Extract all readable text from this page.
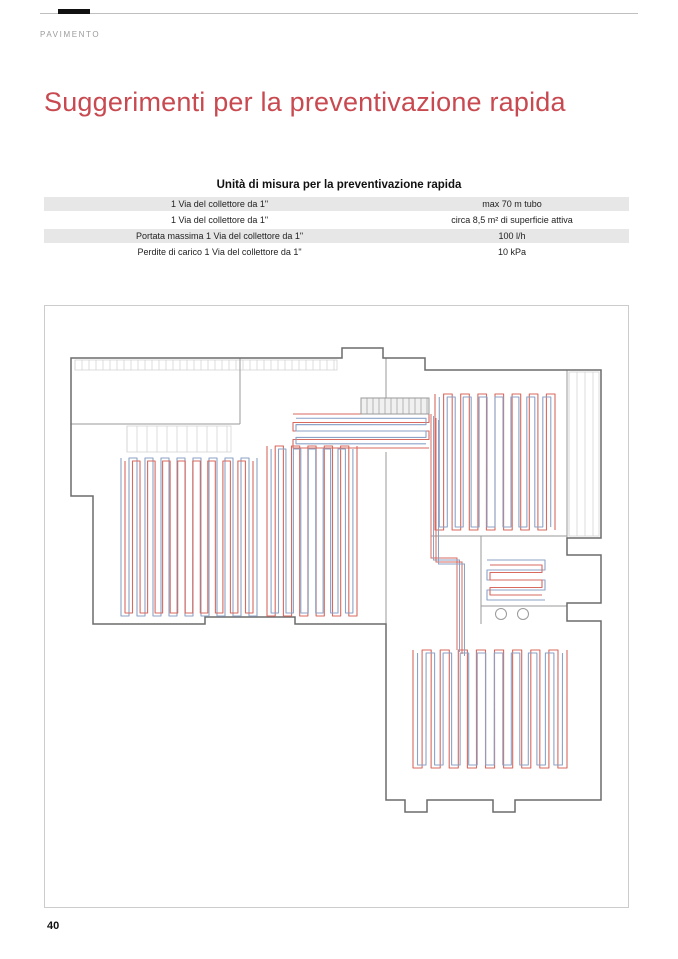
PAVIMENTO
Suggerimenti per la preventivazione rapida
Unità di misura per la preventivazione rapida
1 Via del collettore da 1"	max 70 m tubo
1 Via del collettore da 1"	circa 8,5 m² di superficie attiva
Portata massima 1 Via del collettore da 1"	100 l/h
Perdite di carico 1 Via del collettore da 1"	10 kPa
40
